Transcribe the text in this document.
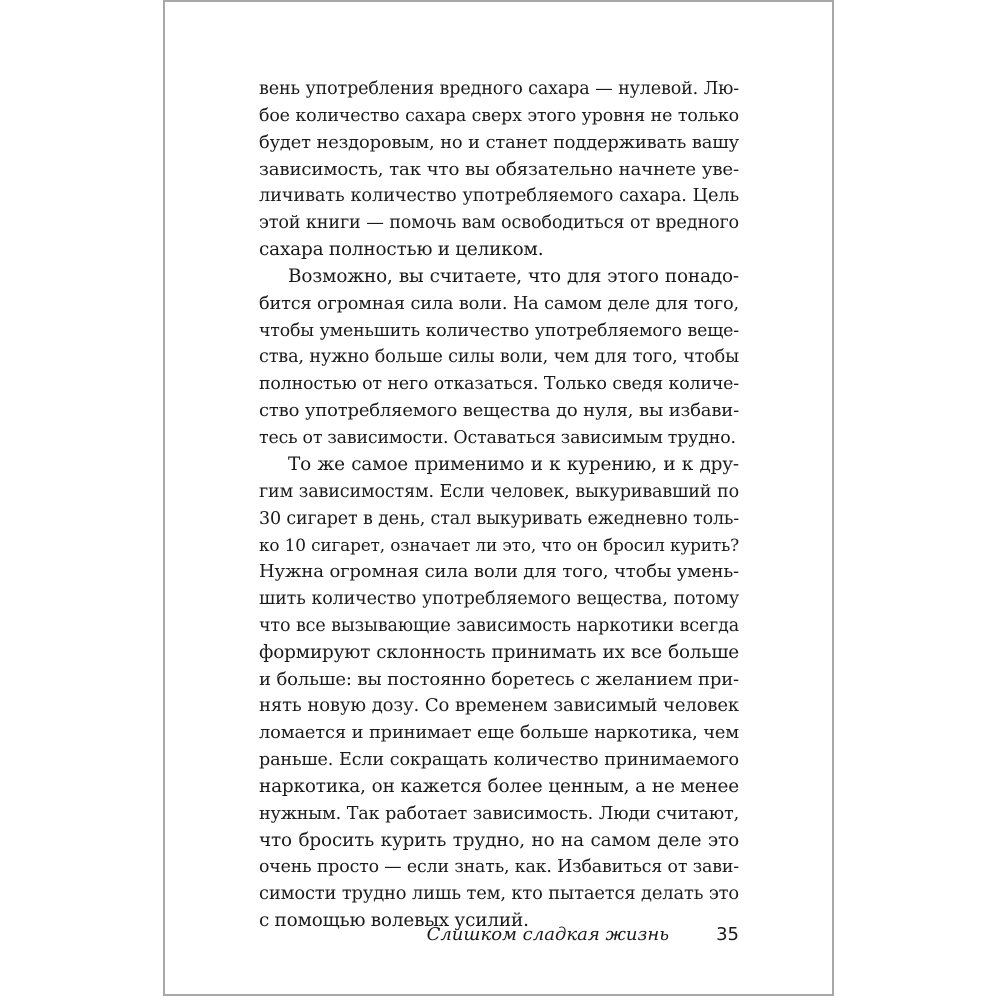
вень употребления вредного сахара — нулевой. Лю-
бое количество сахара сверх этого уровня не только
будет нездоровым, но и станет поддерживать вашу
зависимость, так что вы обязательно начнете уве-
личивать количество употребляемого сахара. Цель
этой книги — помочь вам освободиться от вредного
сахара полностью и целиком.
Возможно, вы считаете, что для этого понадо-
бится огромная сила воли. На самом деле для того,
чтобы уменьшить количество употребляемого веще-
ства, нужно больше силы воли, чем для того, чтобы
полностью от него отказаться. Только сведя количе-
ство употребляемого вещества до нуля, вы избави-
тесь от зависимости. Оставаться зависимым трудно.
То же самое применимо и к курению, и к дру-
гим зависимостям. Если человек, выкуривавший по
30 сигарет в день, стал выкуривать ежедневно толь-
ко 10 сигарет, означает ли это, что он бросил курить?
Нужна огромная сила воли для того, чтобы умень-
шить количество употребляемого вещества, потому
что все вызывающие зависимость наркотики всегда
формируют склонность принимать их все больше
и больше: вы постоянно боретесь с желанием при-
нять новую дозу. Со временем зависимый человек
ломается и принимает еще больше наркотика, чем
раньше. Если сокращать количество принимаемого
наркотика, он кажется более ценным, а не менее
нужным. Так работает зависимость. Люди считают,
что бросить курить трудно, но на самом деле это
очень просто — если знать, как. Избавиться от зави-
симости трудно лишь тем, кто пытается делать это
с помощью волевых усилий.
Слишком сладкая жизнь	35
